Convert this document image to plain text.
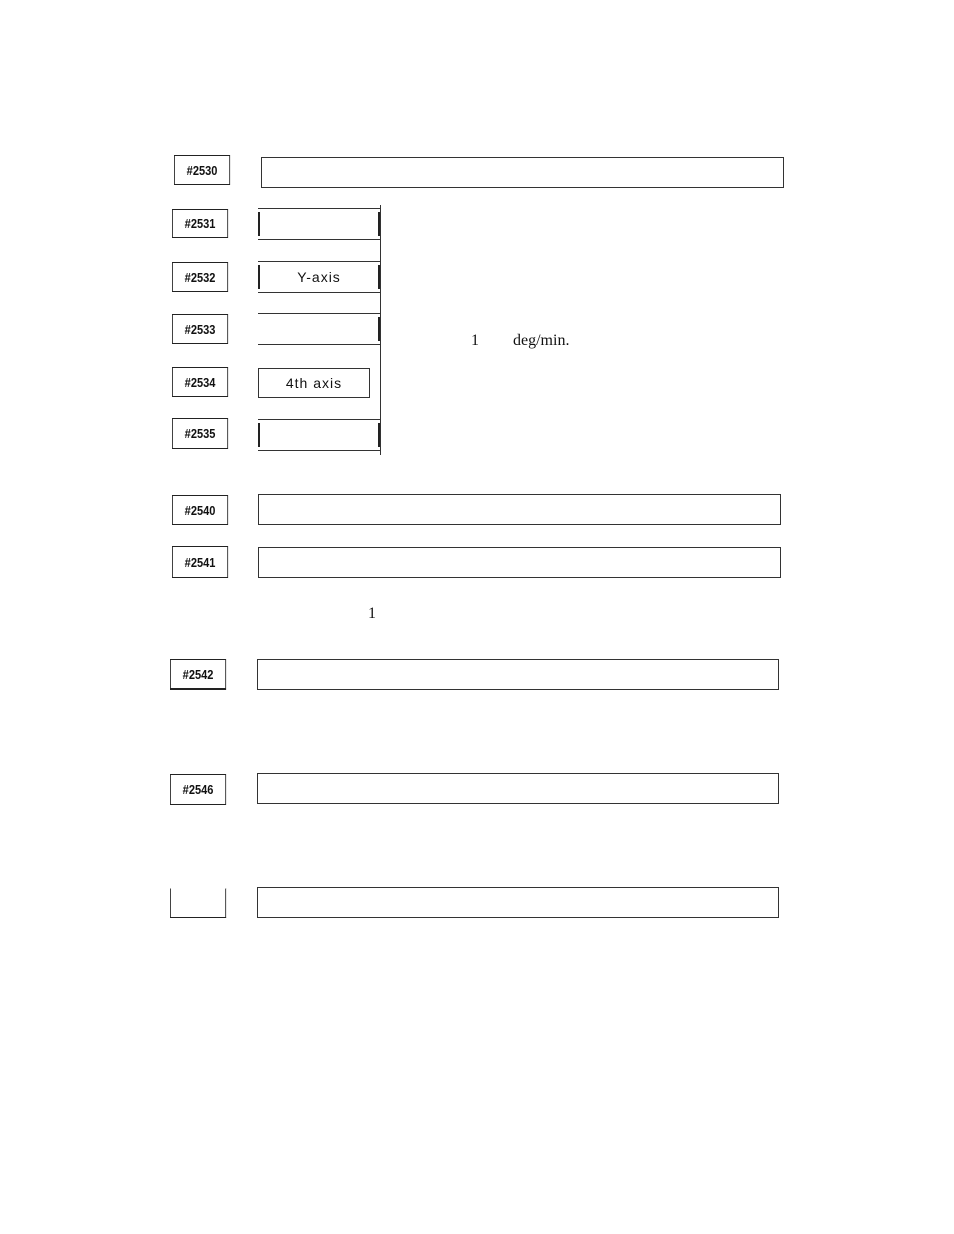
#2530
#2531
#2532	Y-axis
#2533
#2534	4th axis
#2535
1 deg/min.
#2540
#2541
1
#2542
#2546
